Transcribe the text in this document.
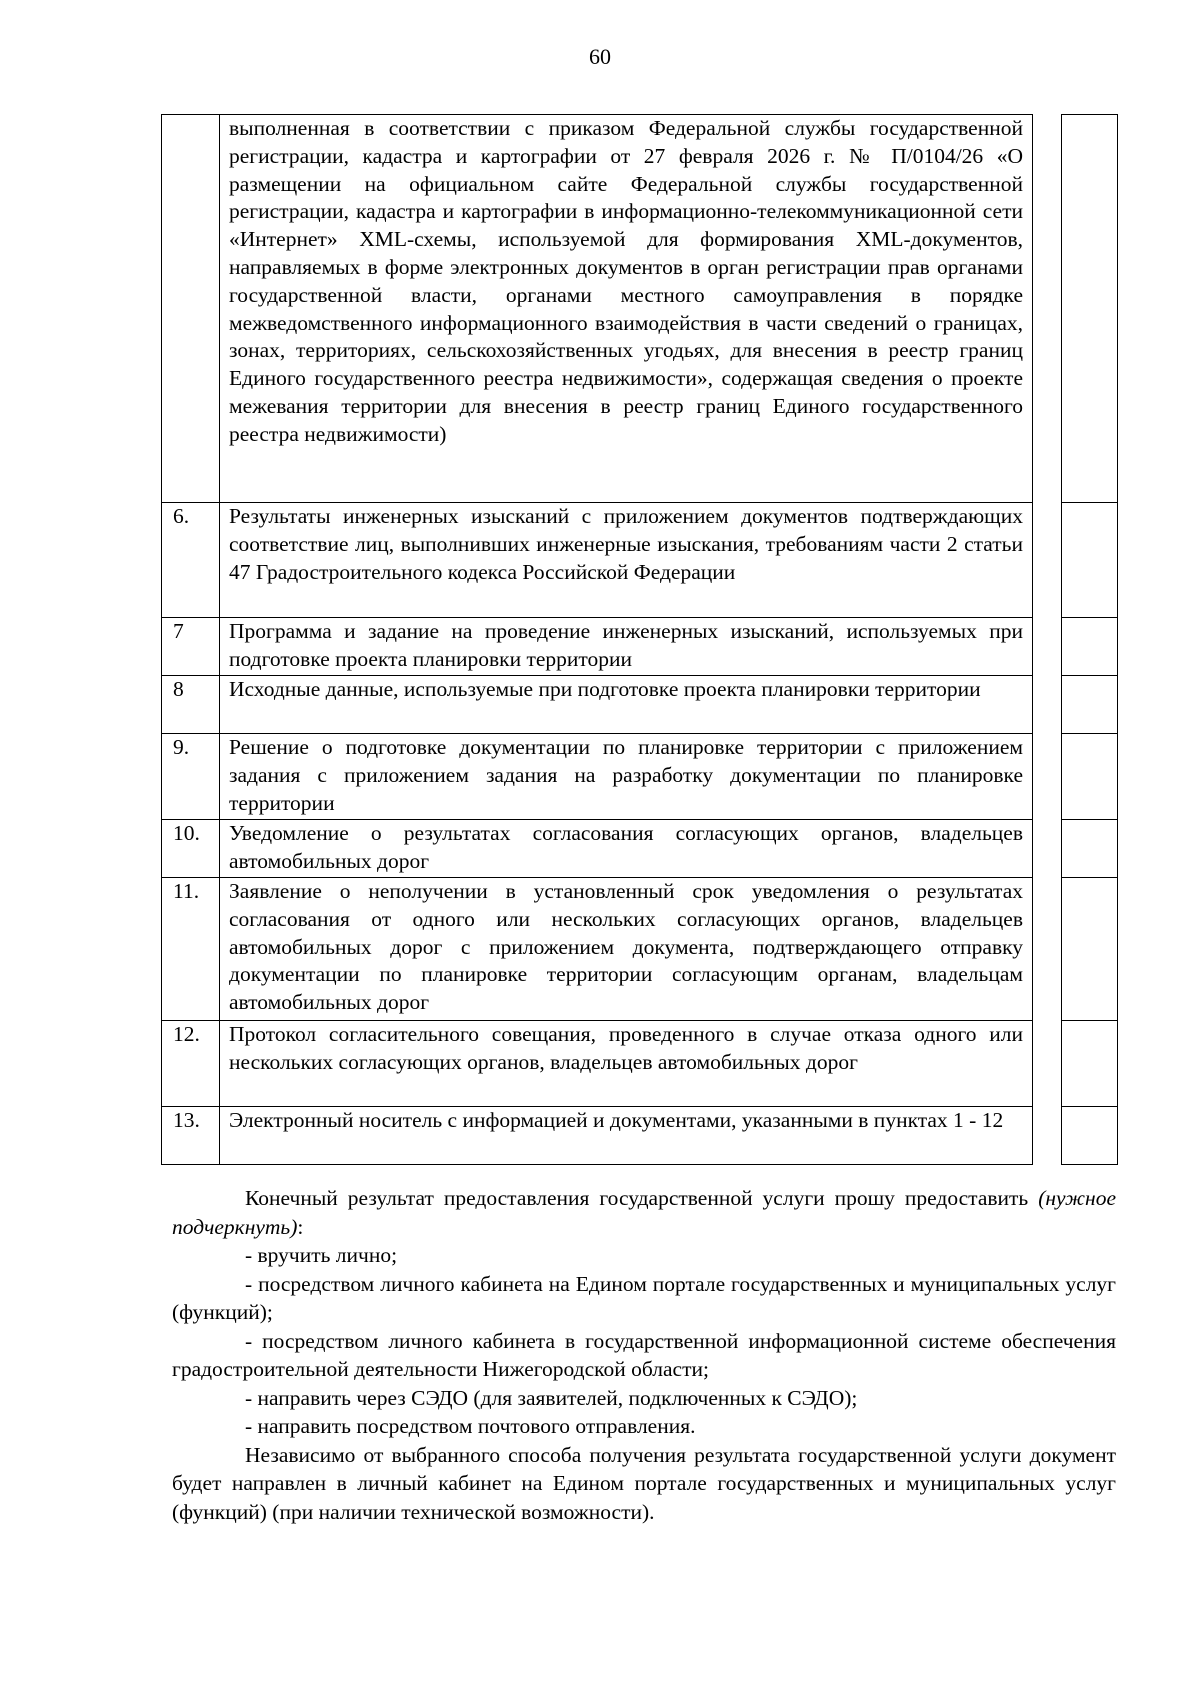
60
	выполненная в соответствии с приказом Федеральной службы государственной регистрации, кадастра и картографии от 27 февраля 2026 г. № П/0104/26 «О размещении на официальном сайте Федеральной службы государственной регистрации, кадастра и картографии в информационно-телекоммуникационной сети «Интернет» XML-схемы, используемой для формирования XML-документов, направляемых в форме электронных документов в орган регистрации прав органами государственной власти, органами местного самоуправления в порядке межведомственного информационного взаимодействия в части сведений о границах, зонах, территориях, сельскохозяйственных угодьях, для внесения в реестр границ Единого государственного реестра недвижимости», содержащая сведения о проекте межевания территории для внесения в реестр границ Единого государственного реестра недвижимости)
6.	Результаты инженерных изысканий с приложением документов подтверждающих соответствие лиц, выполнивших инженерные изыскания, требованиям части 2 статьи 47 Градостроительного кодекса Российской Федерации
7	Программа и задание на проведение инженерных изысканий, используемых при подготовке проекта планировки территории
8	Исходные данные, используемые при подготовке проекта планировки территории
9.	Решение о подготовке документации по планировке территории с приложением задания с приложением задания на разработку документации по планировке территории
10.	Уведомление о результатах согласования согласующих органов, владельцев автомобильных дорог
11.	Заявление о неполучении в установленный срок уведомления о результатах согласования от одного или нескольких согласующих органов, владельцев автомобильных дорог с приложением документа, подтверждающего отправку документации по планировке территории согласующим органам, владельцам автомобильных дорог
12.	Протокол согласительного совещания, проведенного в случае отказа одного или нескольких согласующих органов, владельцев автомобильных дорог
13.	Электронный носитель с информацией и документами, указанными в пунктах 1 - 12

Конечный результат предоставления государственной услуги прошу предоставить (нужное подчеркнуть):

- вручить лично;

- посредством личного кабинета на Едином портале государственных и муниципальных услуг (функций);

- посредством личного кабинета в государственной информационной системе обеспечения градостроительной деятельности Нижегородской области;

- направить через СЭДО (для заявителей, подключенных к СЭДО);

- направить посредством почтового отправления.

Независимо от выбранного способа получения результата государственной услуги документ будет направлен в личный кабинет на Едином портале государственных и муниципальных услуг (функций) (при наличии технической возможности).
